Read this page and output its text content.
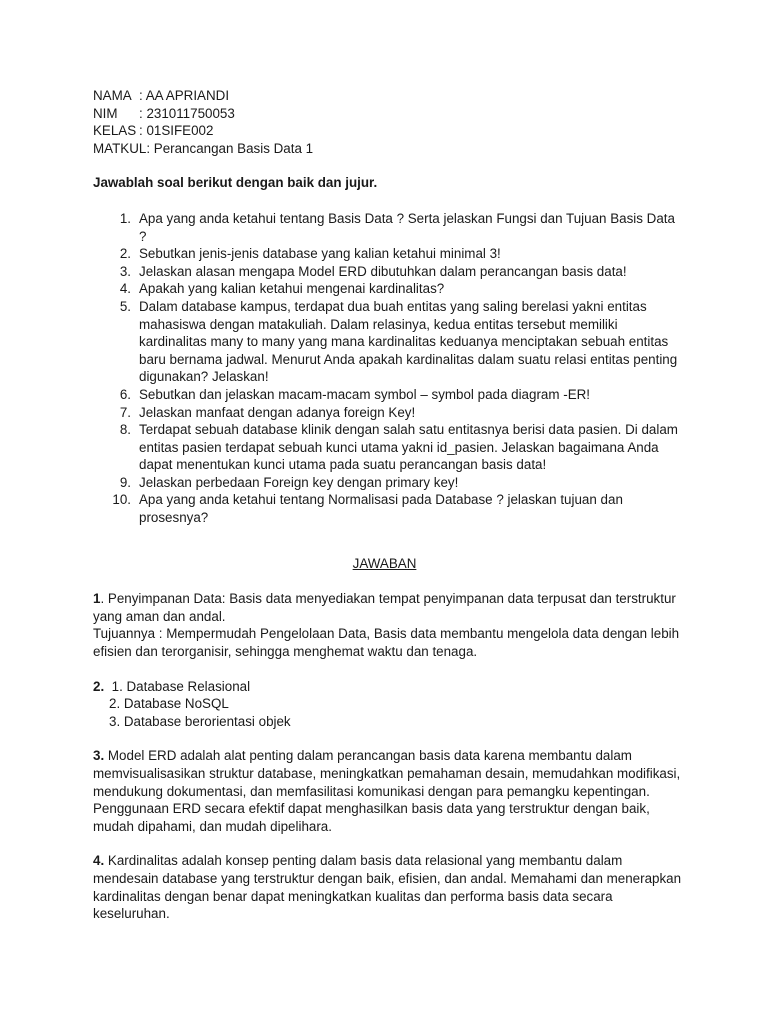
NAMA : AA APRIANDI
NIM	: 231011750053
KELAS : 01SIFE002
MATKUL : Perancangan Basis Data 1
Jawablah soal berikut dengan baik dan jujur.
1. Apa yang anda ketahui tentang Basis Data ? Serta jelaskan Fungsi dan Tujuan Basis Data ?
2. Sebutkan jenis-jenis database yang kalian ketahui minimal 3!
3. Jelaskan alasan mengapa Model ERD dibutuhkan dalam perancangan basis data!
4. Apakah yang kalian ketahui mengenai kardinalitas?
5. Dalam database kampus, terdapat dua buah entitas yang saling berelasi yakni entitas mahasiswa dengan matakuliah. Dalam relasinya, kedua entitas tersebut memiliki kardinalitas many to many yang mana kardinalitas keduanya menciptakan sebuah entitas baru bernama jadwal. Menurut Anda apakah kardinalitas dalam suatu relasi entitas penting digunakan? Jelaskan!
6. Sebutkan dan jelaskan macam-macam symbol – symbol pada diagram -ER!
7. Jelaskan manfaat dengan adanya foreign Key!
8. Terdapat sebuah database klinik dengan salah satu entitasnya berisi data pasien. Di dalam entitas pasien terdapat sebuah kunci utama yakni id_pasien. Jelaskan bagaimana Anda dapat menentukan kunci utama pada suatu perancangan basis data!
9. Jelaskan perbedaan Foreign key dengan primary key!
10. Apa yang anda ketahui tentang Normalisasi pada Database ? jelaskan tujuan dan prosesnya?
JAWABAN
1. Penyimpanan Data: Basis data menyediakan tempat penyimpanan data terpusat dan terstruktur yang aman dan andal.
Tujuannya : Mempermudah Pengelolaan Data, Basis data membantu mengelola data dengan lebih efisien dan terorganisir, sehingga menghemat waktu dan tenaga.
2. 1. Database Relasional
2. Database NoSQL
3. Database berorientasi objek
3. Model ERD adalah alat penting dalam perancangan basis data karena membantu dalam memvisualisasikan struktur database, meningkatkan pemahaman desain, memudahkan modifikasi, mendukung dokumentasi, dan memfasilitasi komunikasi dengan para pemangku kepentingan. Penggunaan ERD secara efektif dapat menghasilkan basis data yang terstruktur dengan baik, mudah dipahami, dan mudah dipelihara.
4. Kardinalitas adalah konsep penting dalam basis data relasional yang membantu dalam mendesain database yang terstruktur dengan baik, efisien, dan andal. Memahami dan menerapkan kardinalitas dengan benar dapat meningkatkan kualitas dan performa basis data secara keseluruhan.
